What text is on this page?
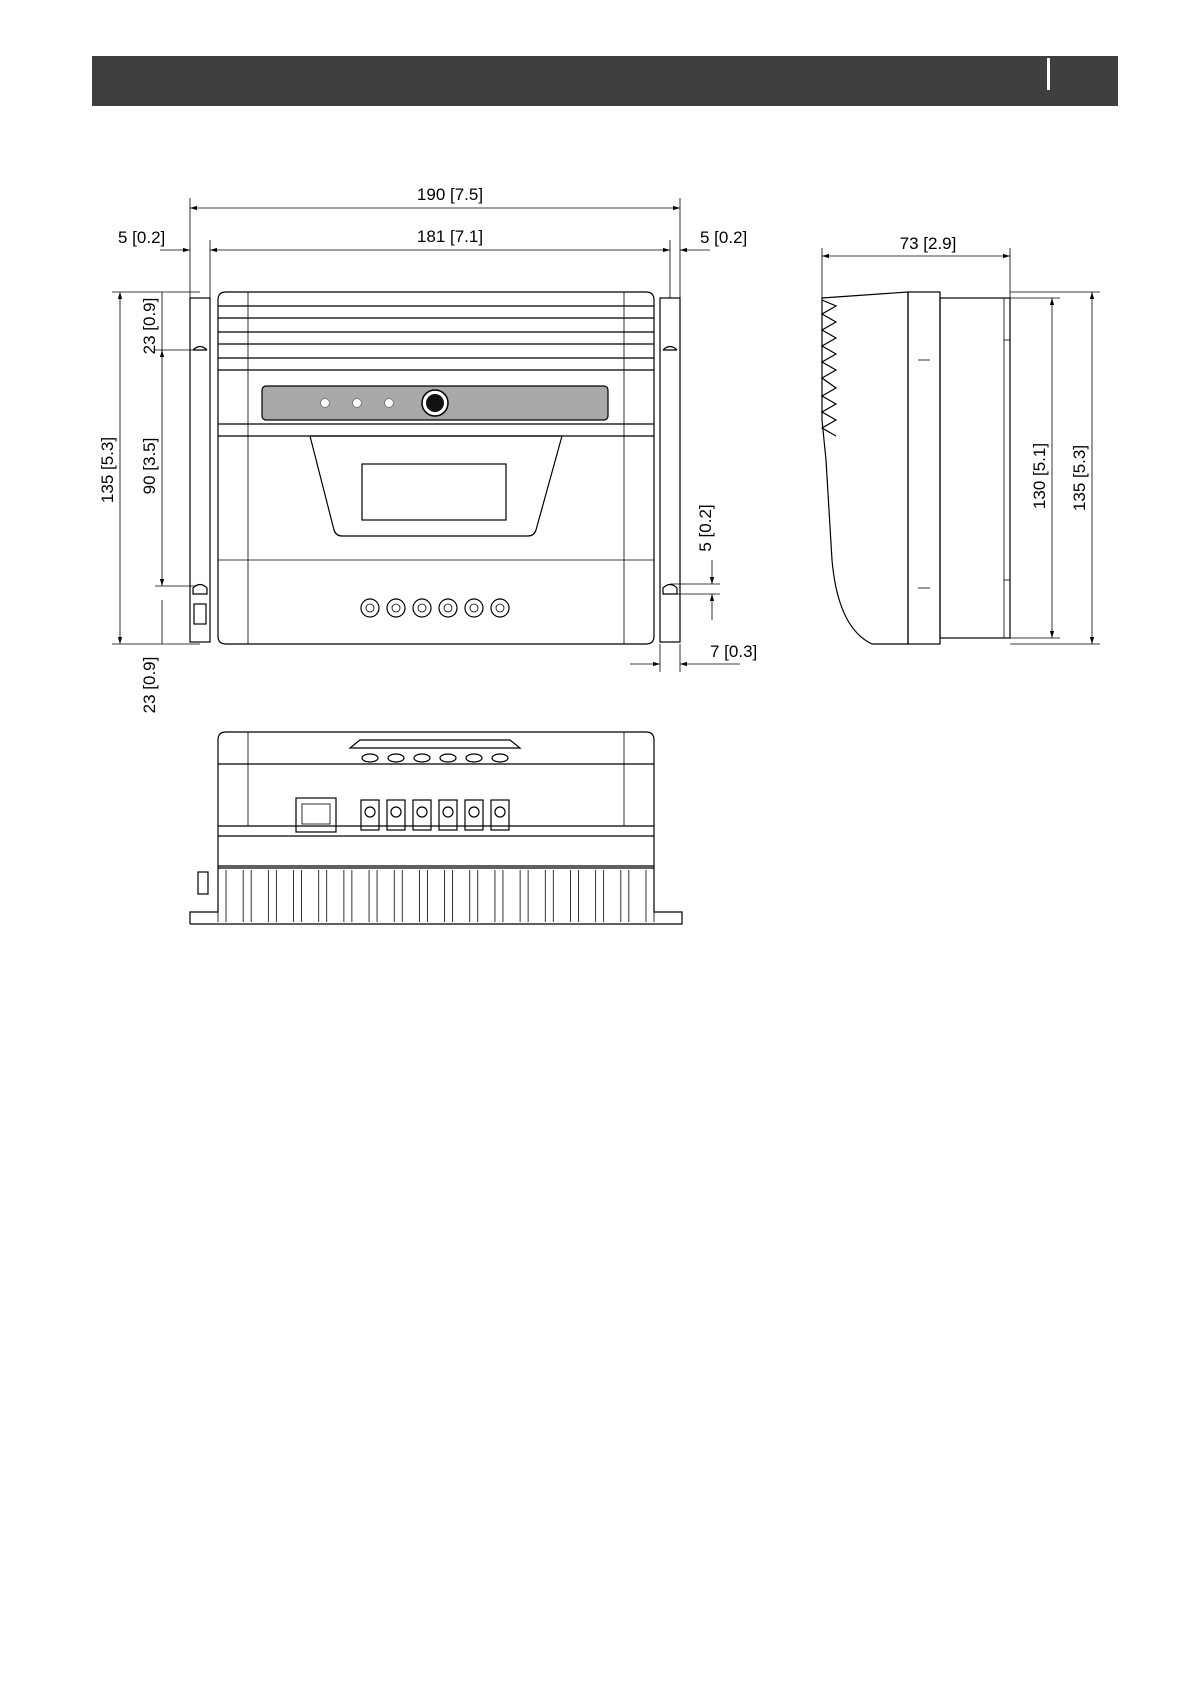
190 [7.5]
181 [7.1]
5 [0.2]	5 [0.2]
135 [5.3] 90 [3.5]
23 [0.9]
23 [0.9]
5 [0.2]
7 [0.3]
73 [2.9]
130 [5.1] 135 [5.3]
